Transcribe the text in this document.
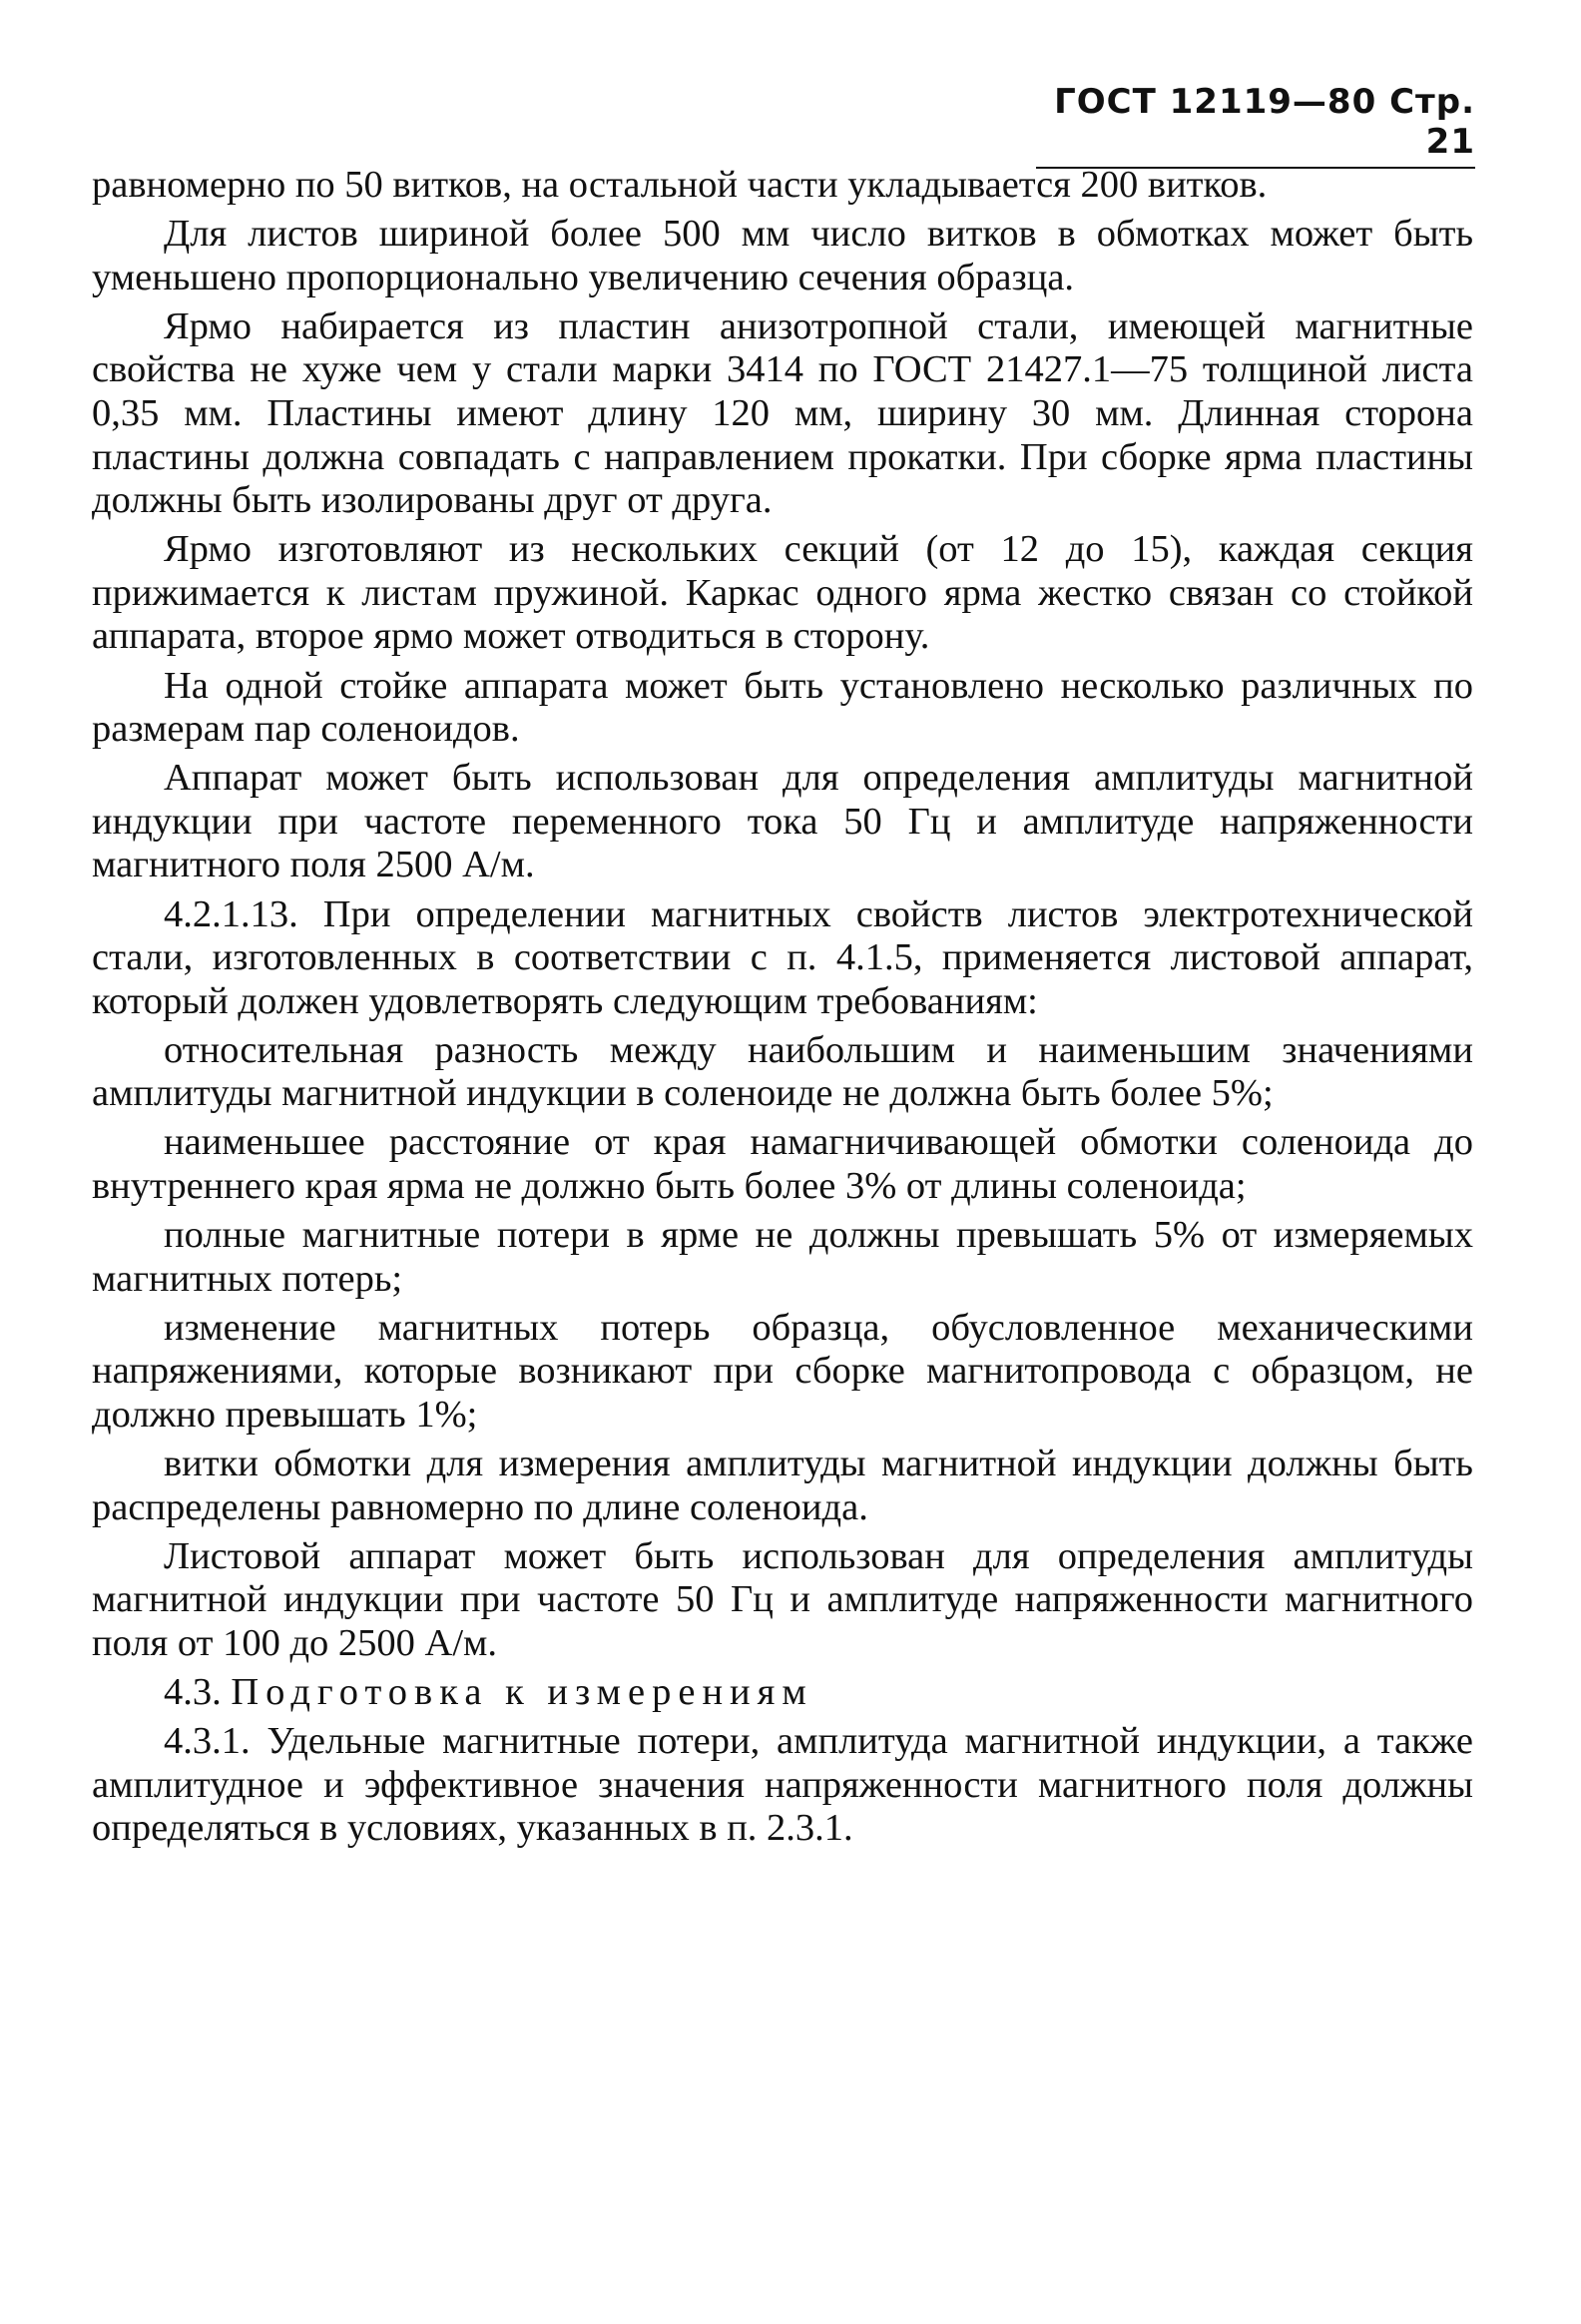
ГОСТ 12119—80 Стр. 21

равномерно по 50 витков, на остальной части укладывается 200 витков.

Для листов шириной более 500 мм число витков в обмотках может быть уменьшено пропорционально увеличению сечения образца.

Ярмо набирается из пластин анизотропной стали, имеющей магнитные свойства не хуже чем у стали марки 3414 по ГОСТ 21427.1—75 толщиной листа 0,35 мм. Пластины имеют длину 120 мм, ширину 30 мм. Длинная сторона пластины должна совпадать с направлением прокатки. При сборке ярма пластины должны быть изолированы друг от друга.

Ярмо изготовляют из нескольких секций (от 12 до 15), каждая секция прижимается к листам пружиной. Каркас одного ярма жестко связан со стойкой аппарата, второе ярмо может отводиться в сторону.

На одной стойке аппарата может быть установлено несколько различных по размерам пар соленоидов.

Аппарат может быть использован для определения амплитуды магнитной индукции при частоте переменного тока 50 Гц и амплитуде напряженности магнитного поля 2500 А/м.

4.2.1.13. При определении магнитных свойств листов электротехнической стали, изготовленных в соответствии с п. 4.1.5, применяется листовой аппарат, который должен удовлетворять следующим требованиям:

относительная разность между наибольшим и наименьшим значениями амплитуды магнитной индукции в соленоиде не должна быть более 5%;

наименьшее расстояние от края намагничивающей обмотки соленоида до внутреннего края ярма не должно быть более 3% от длины соленоида;

полные магнитные потери в ярме не должны превышать 5% от измеряемых магнитных потерь;

изменение магнитных потерь образца, обусловленное механическими напряжениями, которые возникают при сборке магнитопровода с образцом, не должно превышать 1%;

витки обмотки для измерения амплитуды магнитной индукции должны быть распределены равномерно по длине соленоида.

Листовой аппарат может быть использован для определения амплитуды магнитной индукции при частоте 50 Гц и амплитуде напряженности магнитного поля от 100 до 2500 А/м.

4.3. Подготовка к измерениям

4.3.1. Удельные магнитные потери, амплитуда магнитной индукции, а также амплитудное и эффективное значения напряженности магнитного поля должны определяться в условиях, указанных в п. 2.3.1.
